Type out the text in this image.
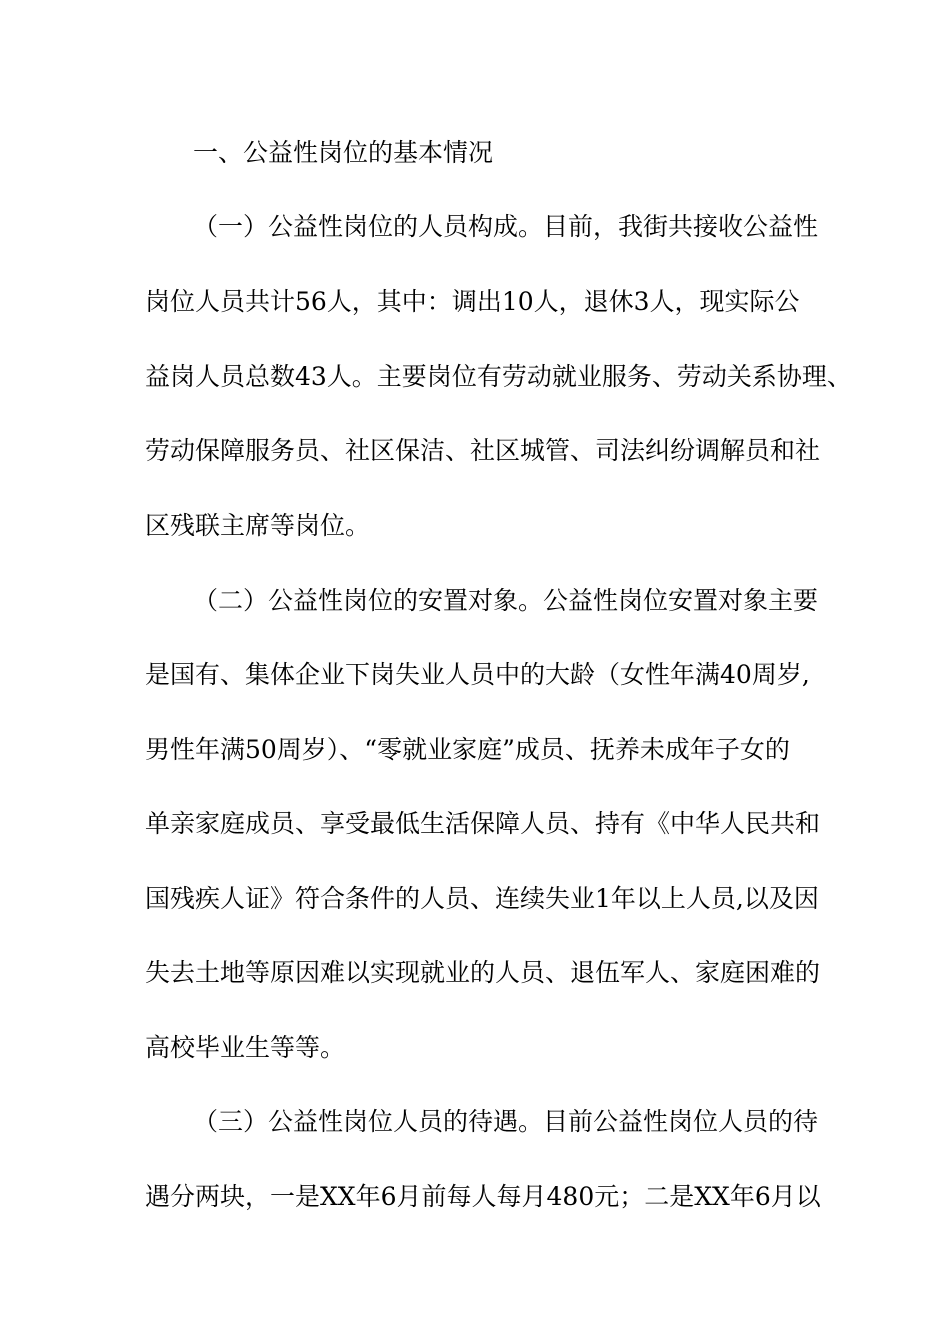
一、公益性岗位的基本情况
（一）公益性岗位的人员构成。目前，我街共接收公益性
岗位人员共计56人，其中：调出10人，退休3人，现实际公
益岗人员总数43人。主要岗位有劳动就业服务、劳动关系协理、
劳动保障服务员、社区保洁、社区城管、司法纠纷调解员和社
区残联主席等岗位。
（二）公益性岗位的安置对象。公益性岗位安置对象主要
是国有、集体企业下岗失业人员中的大龄（女性年满40周岁,
男性年满50周岁）、“零就业家庭”成员、抚养未成年子女的
单亲家庭成员、享受最低生活保障人员、持有《中华人民共和
国残疾人证》符合条件的人员、连续失业1年以上人员,以及因
失去土地等原因难以实现就业的人员、退伍军人、家庭困难的
高校毕业生等等。
（三）公益性岗位人员的待遇。目前公益性岗位人员的待
遇分两块，一是XX年6月前每人每月480元；二是XX年6月以
